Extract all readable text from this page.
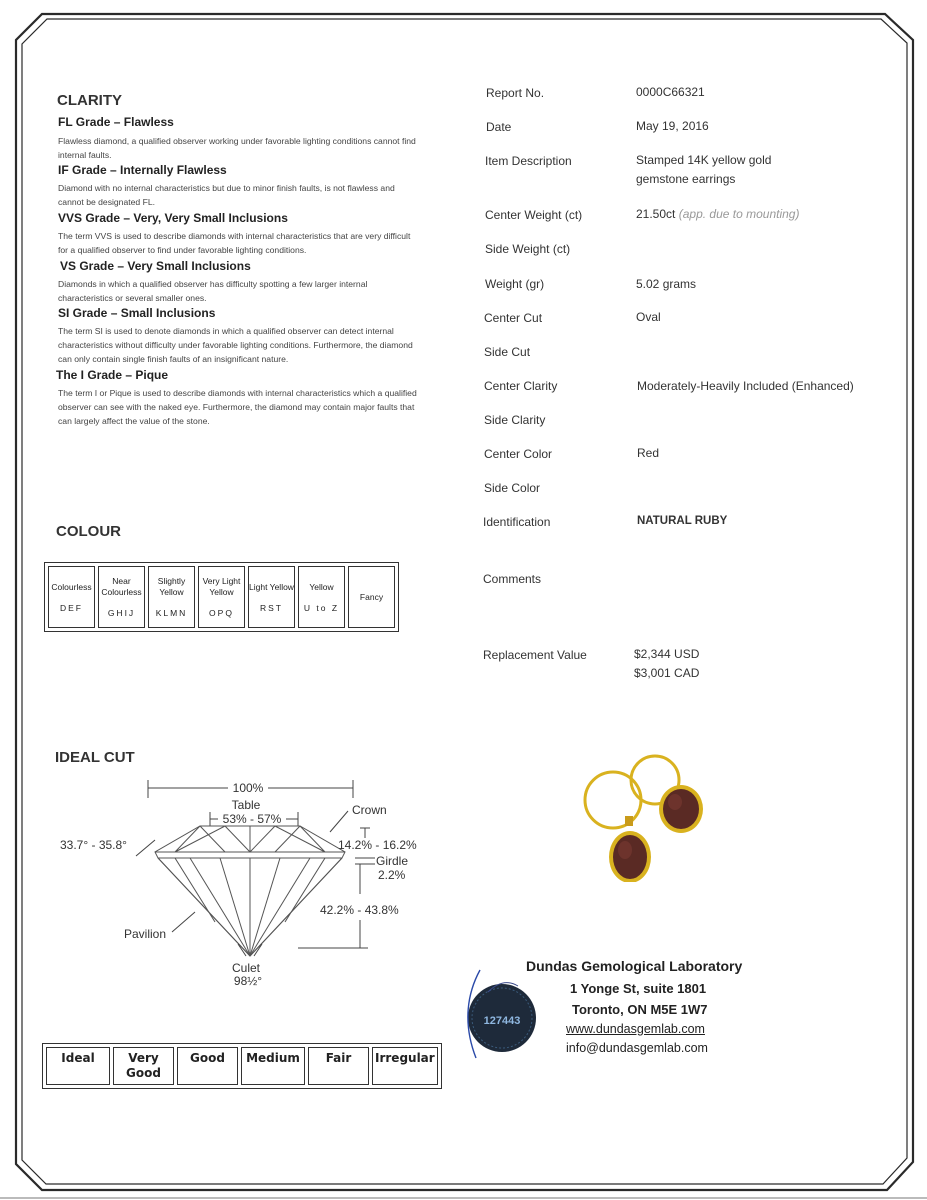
CLARITY
FL Grade – Flawless
Flawless diamond, a qualified observer working under favorable lighting conditions cannot find internal faults.
IF Grade – Internally Flawless
Diamond with no internal characteristics but due to minor finish faults, is not flawless and cannot be designated FL.
VVS Grade – Very, Very Small Inclusions
The term VVS is used to describe diamonds with internal characteristics that are very difficult for a qualified observer to find under favorable lighting conditions.
VS Grade – Very Small Inclusions
Diamonds in which a qualified observer has difficulty spotting a few larger internal characteristics or several smaller ones.
SI Grade – Small Inclusions
The term SI is used to denote diamonds in which a qualified observer can detect internal characteristics without difficulty under favorable lighting conditions. Furthermore, the diamond can only contain single finish faults of an insignificant nature.
The I Grade – Pique
The term I or Pique is used to describe diamonds with internal characteristics which a qualified observer can see with the naked eye. Furthermore, the diamond may contain major faults that can largely affect the value of the stone.
COLOUR
Colourless
DEF

Near Colourless
GHIJ

Slightly Yellow
KLMN

Very Light Yellow
OPQ

Light Yellow
RST

Yellow
U to Z

Fancy
IDEAL CUT
100%
Table
53% - 57%
Crown
33.7° - 35.8°	14.2% - 16.2%
Girdle
2.2%
42.2% - 43.8%
Pavilion
Culet
98½°
Ideal	Very Good	Good	Medium	Fair	Irregular
Report No.	0000C66321
Date	May 19, 2016
Item Description	Stamped 14K yellow gold
gemstone earrings
Center Weight (ct)	21.50ct (app. due to mounting)
Side Weight (ct)
Weight (gr)	5.02 grams
Center Cut	Oval
Side Cut
Center Clarity	Moderately-Heavily Included (Enhanced)
Side Clarity
Center Color	Red
Side Color
Identification	NATURAL RUBY
Comments
Replacement Value	$2,344 USD
$3,001 CAD
127443
Dundas Gemological Laboratory
1 Yonge St, suite 1801
Toronto, ON M5E 1W7
www.dundasgemlab.com
info@dundasgemlab.com
